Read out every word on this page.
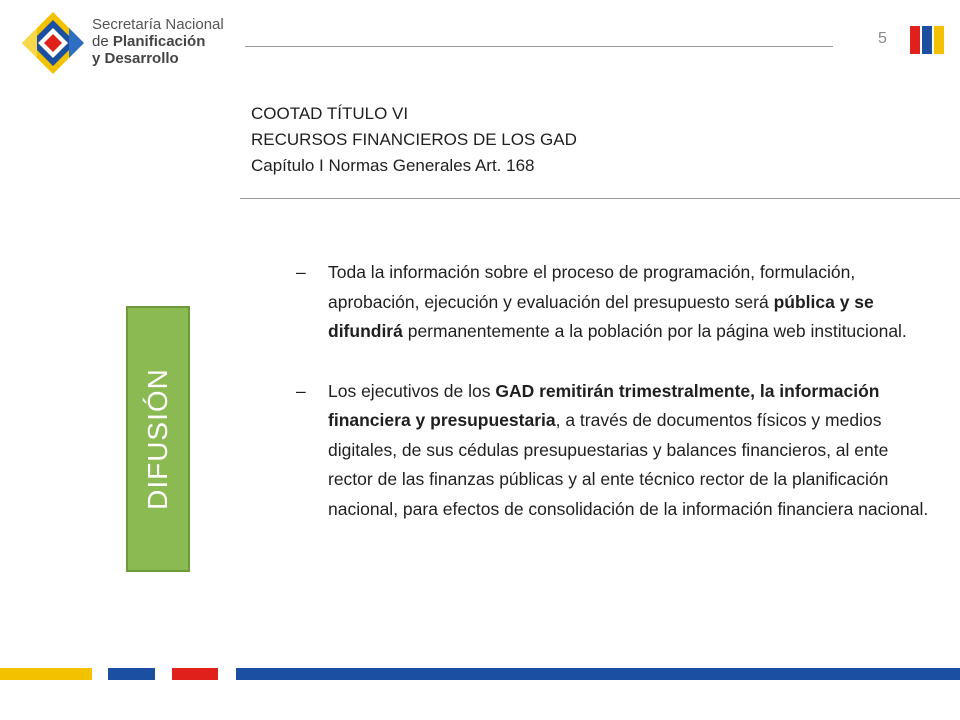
Secretaría Nacional
de Planificación
y Desarrollo
5
COOTAD TÍTULO VI
RECURSOS FINANCIEROS DE LOS GAD
Capítulo I Normas Generales Art. 168
DIFUSIÓN
– Toda la información sobre el proceso de programación, formulación, aprobación, ejecución y evaluación del presupuesto será pública y se difundirá permanentemente a la población por la página web institucional.
– Los ejecutivos de los GAD remitirán trimestralmente, la información financiera y presupuestaria, a través de documentos físicos y medios digitales, de sus cédulas presupuestarias y balances financieros, al ente rector de las finanzas públicas y al ente técnico rector de la planificación nacional, para efectos de consolidación de la información financiera nacional.
